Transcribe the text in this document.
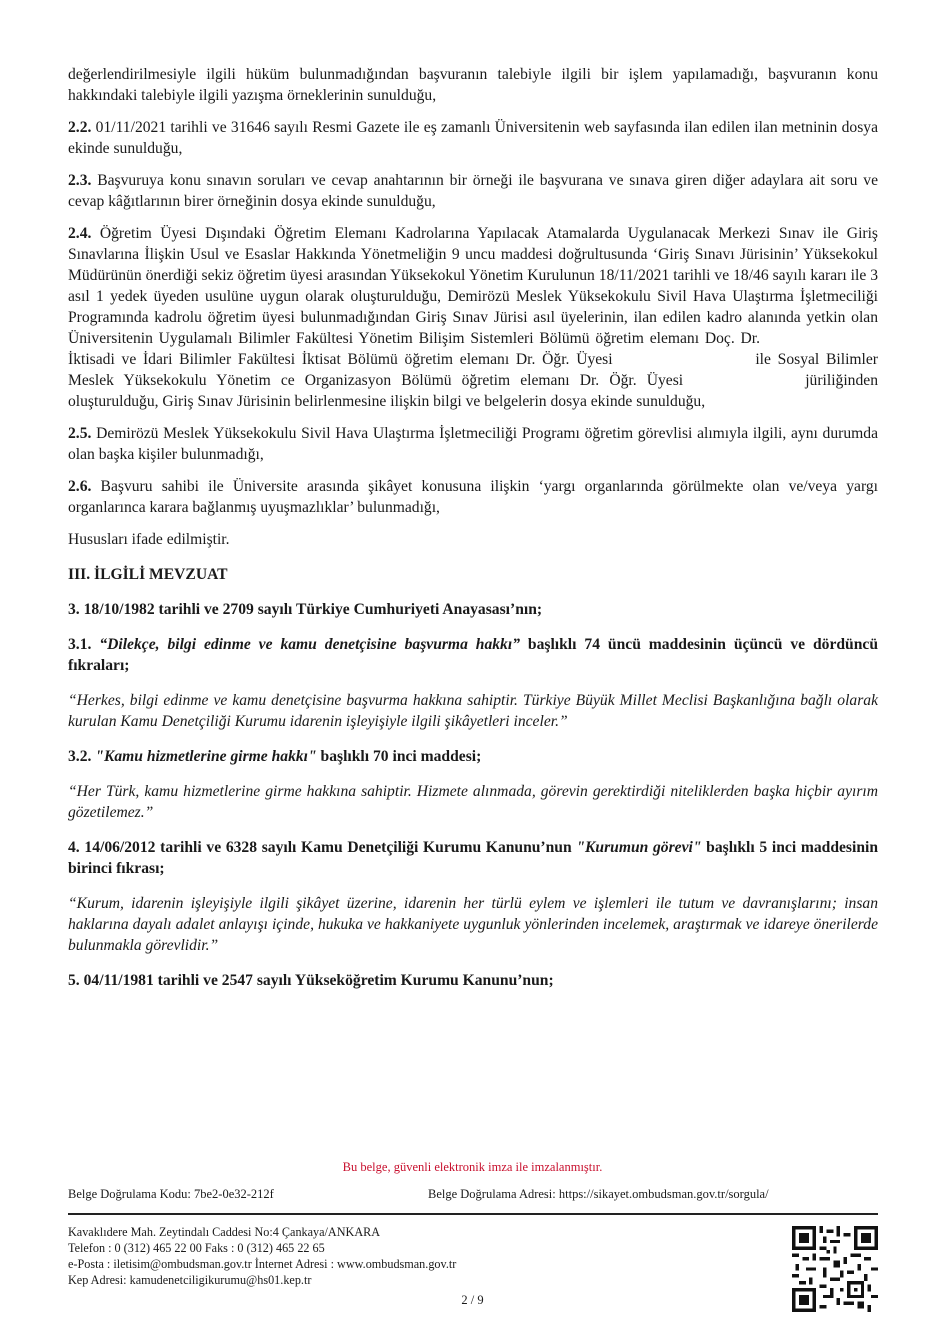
değerlendirilmesiyle ilgili hüküm bulunmadığından başvuranın talebiyle ilgili bir işlem yapılamadığı, başvuranın konu hakkındaki talebiyle ilgili yazışma örneklerinin sunulduğu,

2.2. 01/11/2021 tarihli ve 31646 sayılı Resmi Gazete ile eş zamanlı Üniversitenin web sayfasında ilan edilen ilan metninin dosya ekinde sunulduğu,

2.3. Başvuruya konu sınavın soruları ve cevap anahtarının bir örneği ile başvurana ve sınava giren diğer adaylara ait soru ve cevap kâğıtlarının birer örneğinin dosya ekinde sunulduğu,

2.4. Öğretim Üyesi Dışındaki Öğretim Elemanı Kadrolarına Yapılacak Atamalarda Uygulanacak Merkezi Sınav ile Giriş Sınavlarına İlişkin Usul ve Esaslar Hakkında Yönetmeliğin 9 uncu maddesi doğrultusunda ‘Giriş Sınavı Jürisinin’ Yüksekokul Müdürünün önerdiği sekiz öğretim üyesi arasından Yüksekokul Yönetim Kurulunun 18/11/2021 tarihli ve 18/46 sayılı kararı ile 3 asıl 1 yedek üyeden usulüne uygun olarak oluşturulduğu, Demirözü Meslek Yüksekokulu Sivil Hava Ulaştırma İşletmeciliği Programında kadrolu öğretim üyesi bulunmadığından Giriş Sınav Jürisi asıl üyelerinin, ilan edilen kadro alanında yetkin olan Üniversitenin Uygulamalı Bilimler Fakültesi Yönetim Bilişim Sistemleri Bölümü öğretim elemanı Doç. Dr. İktisadi ve İdari Bilimler Fakültesi İktisat Bölümü öğretim elemanı Dr. Öğr. Üyesi	ile Sosyal Bilimler Meslek Yüksekokulu Yönetim ce Organizasyon Bölümü öğretim elemanı Dr. Öğr. Üyesi	jüriliğinden oluşturulduğu, Giriş Sınav Jürisinin belirlenmesine ilişkin bilgi ve belgelerin dosya ekinde sunulduğu,

2.5. Demirözü Meslek Yüksekokulu Sivil Hava Ulaştırma İşletmeciliği Programı öğretim görevlisi alımıyla ilgili, aynı durumda olan başka kişiler bulunmadığı,

2.6. Başvuru sahibi ile Üniversite arasında şikâyet konusuna ilişkin ‘yargı organlarında görülmekte olan ve/veya yargı organlarınca karara bağlanmış uyuşmazlıklar’ bulunmadığı,

Hususları ifade edilmiştir.

III. İLGİLİ MEVZUAT

3. 18/10/1982 tarihli ve 2709 sayılı Türkiye Cumhuriyeti Anayasası’nın;

3.1. “Dilekçe, bilgi edinme ve kamu denetçisine başvurma hakkı” başlıklı 74 üncü maddesinin üçüncü ve dördüncü fıkraları;

“Herkes, bilgi edinme ve kamu denetçisine başvurma hakkına sahiptir. Türkiye Büyük Millet Meclisi Başkanlığına bağlı olarak kurulan Kamu Denetçiliği Kurumu idarenin işleyişiyle ilgili şikâyetleri inceler.”

3.2. "Kamu hizmetlerine girme hakkı" başlıklı 70 inci maddesi;

“Her Türk, kamu hizmetlerine girme hakkına sahiptir. Hizmete alınmada, görevin gerektirdiği niteliklerden başka hiçbir ayırım gözetilemez.”

4. 14/06/2012 tarihli ve 6328 sayılı Kamu Denetçiliği Kurumu Kanunu’nun "Kurumun görevi" başlıklı 5 inci maddesinin birinci fıkrası;

“Kurum, idarenin işleyişiyle ilgili şikâyet üzerine, idarenin her türlü eylem ve işlemleri ile tutum ve davranışlarını; insan haklarına dayalı adalet anlayışı içinde, hukuka ve hakkaniyete uygunluk yönlerinden incelemek, araştırmak ve idareye önerilerde bulunmakla görevlidir.”

5. 04/11/1981 tarihli ve 2547 sayılı Yükseköğretim Kurumu Kanunu’nun;

Bu belge, güvenli elektronik imza ile imzalanmıştır.
Belge Doğrulama Kodu: 7be2-0e32-212f	Belge Doğrulama Adresi: https://sikayet.ombudsman.gov.tr/sorgula/
Kavaklıdere Mah. Zeytindalı Caddesi No:4 Çankaya/ANKARA
Telefon : 0 (312) 465 22 00 Faks : 0 (312) 465 22 65
e-Posta : iletisim@ombudsman.gov.tr İnternet Adresi : www.ombudsman.gov.tr
Kep Adresi: kamudenetciligikurumu@hs01.kep.tr
2 / 9
